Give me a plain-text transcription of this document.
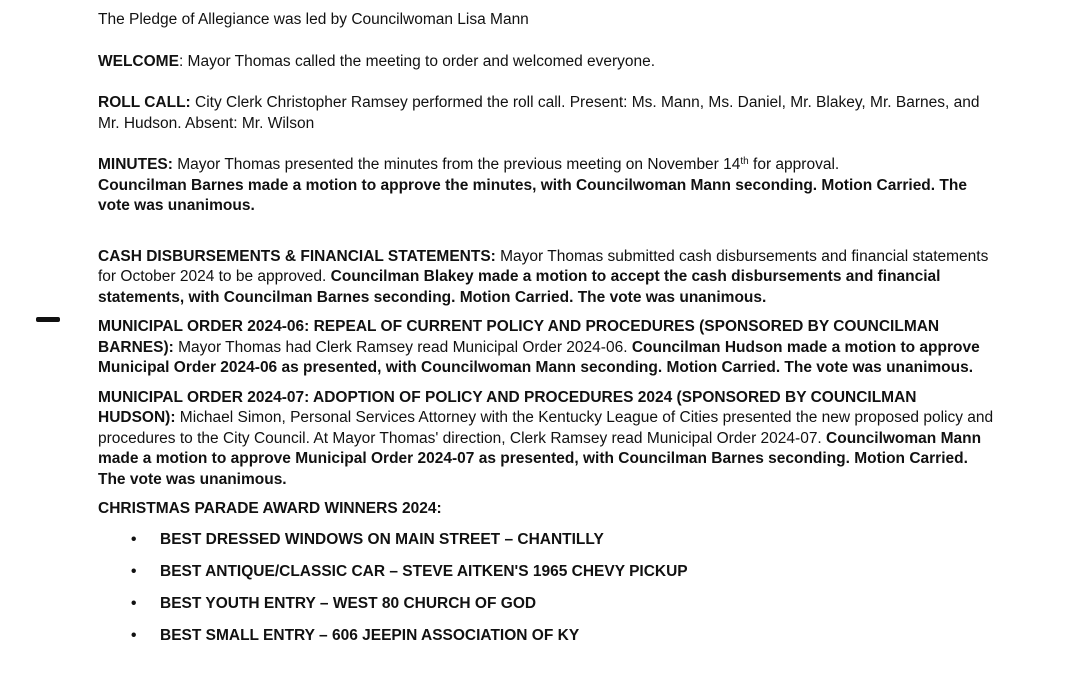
The Pledge of Allegiance was led by Councilwoman Lisa Mann

WELCOME: Mayor Thomas called the meeting to order and welcomed everyone.

ROLL CALL: City Clerk Christopher Ramsey performed the roll call. Present: Ms. Mann, Ms. Daniel, Mr. Blakey, Mr. Barnes, and Mr. Hudson. Absent: Mr. Wilson

MINUTES: Mayor Thomas presented the minutes from the previous meeting on November 14th for approval.
Councilman Barnes made a motion to approve the minutes, with Councilwoman Mann seconding. Motion Carried. The vote was unanimous.

CASH DISBURSEMENTS & FINANCIAL STATEMENTS: Mayor Thomas submitted cash disbursements and financial statements for October 2024 to be approved. Councilman Blakey made a motion to accept the cash disbursements and financial statements, with Councilman Barnes seconding. Motion Carried. The vote was unanimous.

MUNICIPAL ORDER 2024-06: REPEAL OF CURRENT POLICY AND PROCEDURES (SPONSORED BY COUNCILMAN BARNES): Mayor Thomas had Clerk Ramsey read Municipal Order 2024-06. Councilman Hudson made a motion to approve Municipal Order 2024-06 as presented, with Councilwoman Mann seconding. Motion Carried. The vote was unanimous.

MUNICIPAL ORDER 2024-07: ADOPTION OF POLICY AND PROCEDURES 2024 (SPONSORED BY COUNCILMAN HUDSON): Michael Simon, Personal Services Attorney with the Kentucky League of Cities presented the new proposed policy and procedures to the City Council. At Mayor Thomas' direction, Clerk Ramsey read Municipal Order 2024-07. Councilwoman Mann made a motion to approve Municipal Order 2024-07 as presented, with Councilman Barnes seconding. Motion Carried. The vote was unanimous.

CHRISTMAS PARADE AWARD WINNERS 2024:

• BEST DRESSED WINDOWS ON MAIN STREET – CHANTILLY
• BEST ANTIQUE/CLASSIC CAR – STEVE AITKEN'S 1965 CHEVY PICKUP
• BEST YOUTH ENTRY – WEST 80 CHURCH OF GOD
• BEST SMALL ENTRY – 606 JEEPIN ASSOCIATION OF KY
